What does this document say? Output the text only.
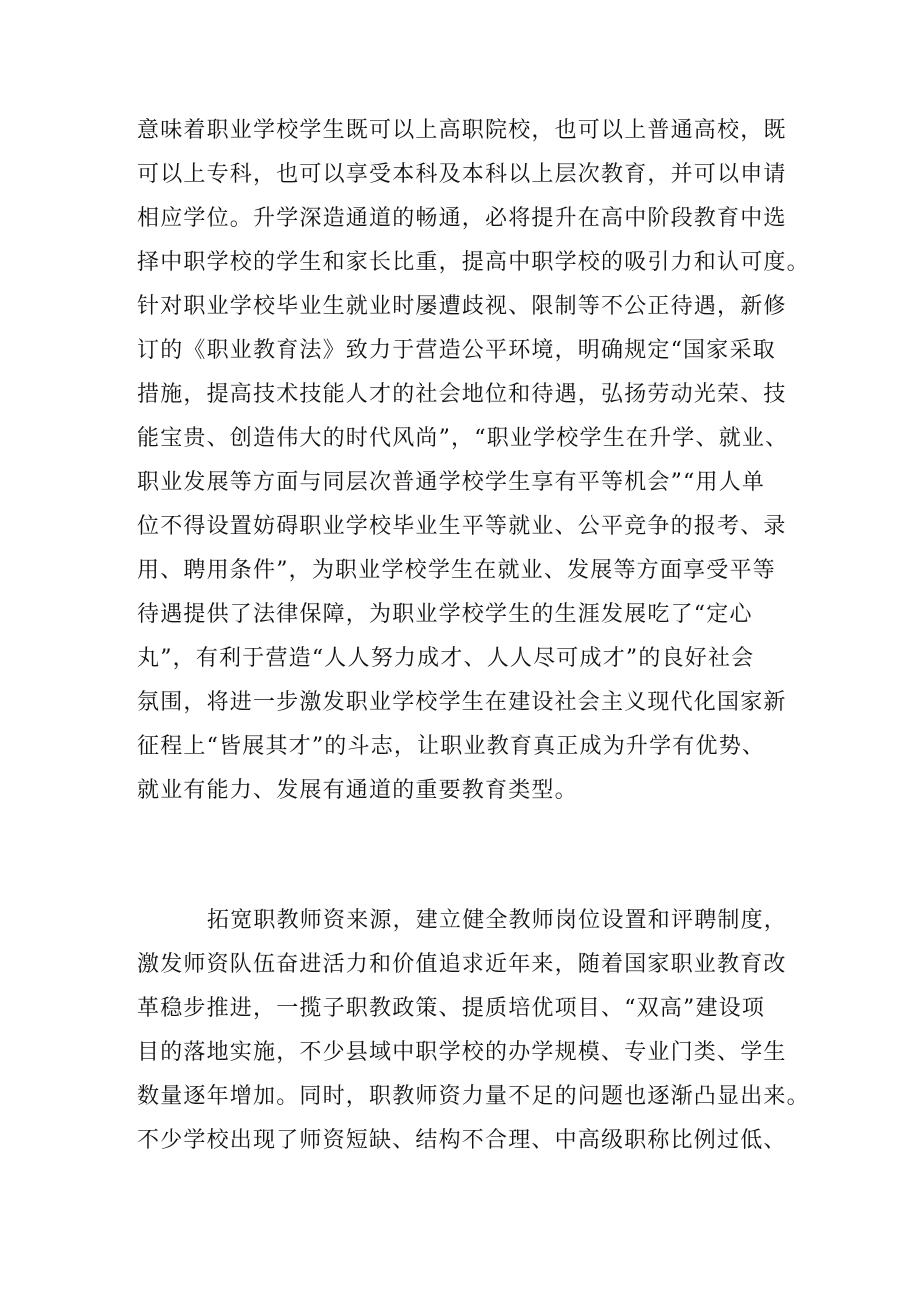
意味着职业学校学生既可以上高职院校，也可以上普通高校，既
可以上专科，也可以享受本科及本科以上层次教育，并可以申请
相应学位。升学深造通道的畅通，必将提升在高中阶段教育中选
择中职学校的学生和家长比重，提高中职学校的吸引力和认可度。
针对职业学校毕业生就业时屡遭歧视、限制等不公正待遇，新修
订的《职业教育法》致力于营造公平环境，明确规定“国家采取
措施，提高技术技能人才的社会地位和待遇，弘扬劳动光荣、技
能宝贵、创造伟大的时代风尚”，“职业学校学生在升学、就业、
职业发展等方面与同层次普通学校学生享有平等机会”“用人单
位不得设置妨碍职业学校毕业生平等就业、公平竞争的报考、录
用、聘用条件”，为职业学校学生在就业、发展等方面享受平等
待遇提供了法律保障，为职业学校学生的生涯发展吃了“定心
丸”，有利于营造“人人努力成才、人人尽可成才”的良好社会
氛围，将进一步激发职业学校学生在建设社会主义现代化国家新
征程上“皆展其才”的斗志，让职业教育真正成为升学有优势、
就业有能力、发展有通道的重要教育类型。
拓宽职教师资来源，建立健全教师岗位设置和评聘制度，
激发师资队伍奋进活力和价值追求近年来，随着国家职业教育改
革稳步推进，一揽子职教政策、提质培优项目、“双高”建设项
目的落地实施，不少县域中职学校的办学规模、专业门类、学生
数量逐年增加。同时，职教师资力量不足的问题也逐渐凸显出来。
不少学校出现了师资短缺、结构不合理、中高级职称比例过低、
